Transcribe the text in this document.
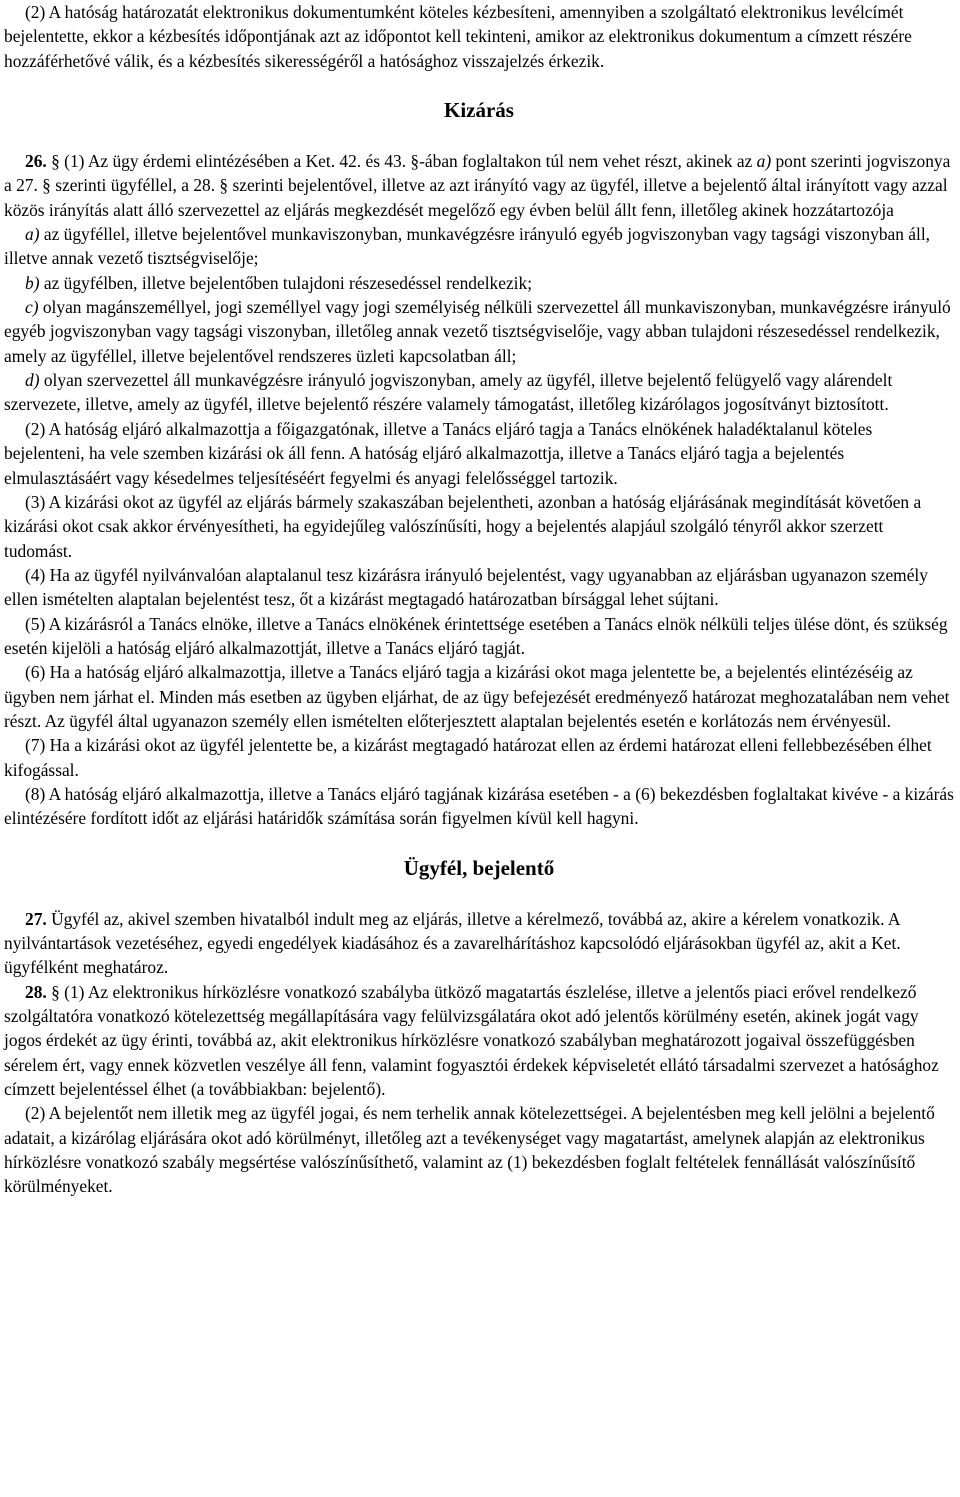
(2) A hatóság határozatát elektronikus dokumentumként köteles kézbesíteni, amennyiben a szolgáltató elektronikus levélcímét bejelentette, ekkor a kézbesítés időpontjának azt az időpontot kell tekinteni, amikor az elektronikus dokumentum a címzett részére hozzáférhetővé válik, és a kézbesítés sikerességéről a hatósághoz visszajelzés érkezik.

Kizárás

26. § (1) Az ügy érdemi elintézésében a Ket. 42. és 43. §-ában foglaltakon túl nem vehet részt, akinek az a) pont szerinti jogviszonya a 27. § szerinti ügyféllel, a 28. § szerinti bejelentővel, illetve az azt irányító vagy az ügyfél, illetve a bejelentő által irányított vagy azzal közös irányítás alatt álló szervezettel az eljárás megkezdését megelőző egy évben belül állt fenn, illetőleg akinek hozzátartozója

a) az ügyféllel, illetve bejelentővel munkaviszonyban, munkavégzésre irányuló egyéb jogviszonyban vagy tagsági viszonyban áll, illetve annak vezető tisztségviselője;

b) az ügyfélben, illetve bejelentőben tulajdoni részesedéssel rendelkezik;

c) olyan magánszeméllyel, jogi személlyel vagy jogi személyiség nélküli szervezettel áll munkaviszonyban, munkavégzésre irányuló egyéb jogviszonyban vagy tagsági viszonyban, illetőleg annak vezető tisztségviselője, vagy abban tulajdoni részesedéssel rendelkezik, amely az ügyféllel, illetve bejelentővel rendszeres üzleti kapcsolatban áll;

d) olyan szervezettel áll munkavégzésre irányuló jogviszonyban, amely az ügyfél, illetve bejelentő felügyelő vagy alárendelt szervezete, illetve, amely az ügyfél, illetve bejelentő részére valamely támogatást, illetőleg kizárólagos jogosítványt biztosított.

(2) A hatóság eljáró alkalmazottja a főigazgatónak, illetve a Tanács eljáró tagja a Tanács elnökének haladéktalanul köteles bejelenteni, ha vele szemben kizárási ok áll fenn. A hatóság eljáró alkalmazottja, illetve a Tanács eljáró tagja a bejelentés elmulasztásáért vagy késedelmes teljesítéséért fegyelmi és anyagi felelősséggel tartozik.

(3) A kizárási okot az ügyfél az eljárás bármely szakaszában bejelentheti, azonban a hatóság eljárásának megindítását követően a kizárási okot csak akkor érvényesítheti, ha egyidejűleg valószínűsíti, hogy a bejelentés alapjául szolgáló tényről akkor szerzett tudomást.

(4) Ha az ügyfél nyilvánvalóan alaptalanul tesz kizárásra irányuló bejelentést, vagy ugyanabban az eljárásban ugyanazon személy ellen ismételten alaptalan bejelentést tesz, őt a kizárást megtagadó határozatban bírsággal lehet sújtani.

(5) A kizárásról a Tanács elnöke, illetve a Tanács elnökének érintettsége esetében a Tanács elnök nélküli teljes ülése dönt, és szükség esetén kijelöli a hatóság eljáró alkalmazottját, illetve a Tanács eljáró tagját.

(6) Ha a hatóság eljáró alkalmazottja, illetve a Tanács eljáró tagja a kizárási okot maga jelentette be, a bejelentés elintézéséig az ügyben nem járhat el. Minden más esetben az ügyben eljárhat, de az ügy befejezését eredményező határozat meghozatalában nem vehet részt. Az ügyfél által ugyanazon személy ellen ismételten előterjesztett alaptalan bejelentés esetén e korlátozás nem érvényesül.

(7) Ha a kizárási okot az ügyfél jelentette be, a kizárást megtagadó határozat ellen az érdemi határozat elleni fellebbezésében élhet kifogással.

(8) A hatóság eljáró alkalmazottja, illetve a Tanács eljáró tagjának kizárása esetében - a (6) bekezdésben foglaltakat kivéve - a kizárás elintézésére fordított időt az eljárási határidők számítása során figyelmen kívül kell hagyni.

Ügyfél, bejelentő

27. Ügyfél az, akivel szemben hivatalból indult meg az eljárás, illetve a kérelmező, továbbá az, akire a kérelem vonatkozik. A nyilvántartások vezetéséhez, egyedi engedélyek kiadásához és a zavarelhárításhoz kapcsolódó eljárásokban ügyfél az, akit a Ket. ügyfélként meghatároz.

28. § (1) Az elektronikus hírközlésre vonatkozó szabályba ütköző magatartás észlelése, illetve a jelentős piaci erővel rendelkező szolgáltatóra vonatkozó kötelezettség megállapítására vagy felülvizsgálatára okot adó jelentős körülmény esetén, akinek jogát vagy jogos érdekét az ügy érinti, továbbá az, akit elektronikus hírközlésre vonatkozó szabályban meghatározott jogaival összefüggésben sérelem ért, vagy ennek közvetlen veszélye áll fenn, valamint fogyasztói érdekek képviseletét ellátó társadalmi szervezet a hatósághoz címzett bejelentéssel élhet (a továbbiakban: bejelentő).

(2) A bejelentőt nem illetik meg az ügyfél jogai, és nem terhelik annak kötelezettségei. A bejelentésben meg kell jelölni a bejelentő adatait, a kizárólag eljárására okot adó körülményt, illetőleg azt a tevékenységet vagy magatartást, amelynek alapján az elektronikus hírközlésre vonatkozó szabály megsértése valószínűsíthető, valamint az (1) bekezdésben foglalt feltételek fennállását valószínűsítő körülményeket.
